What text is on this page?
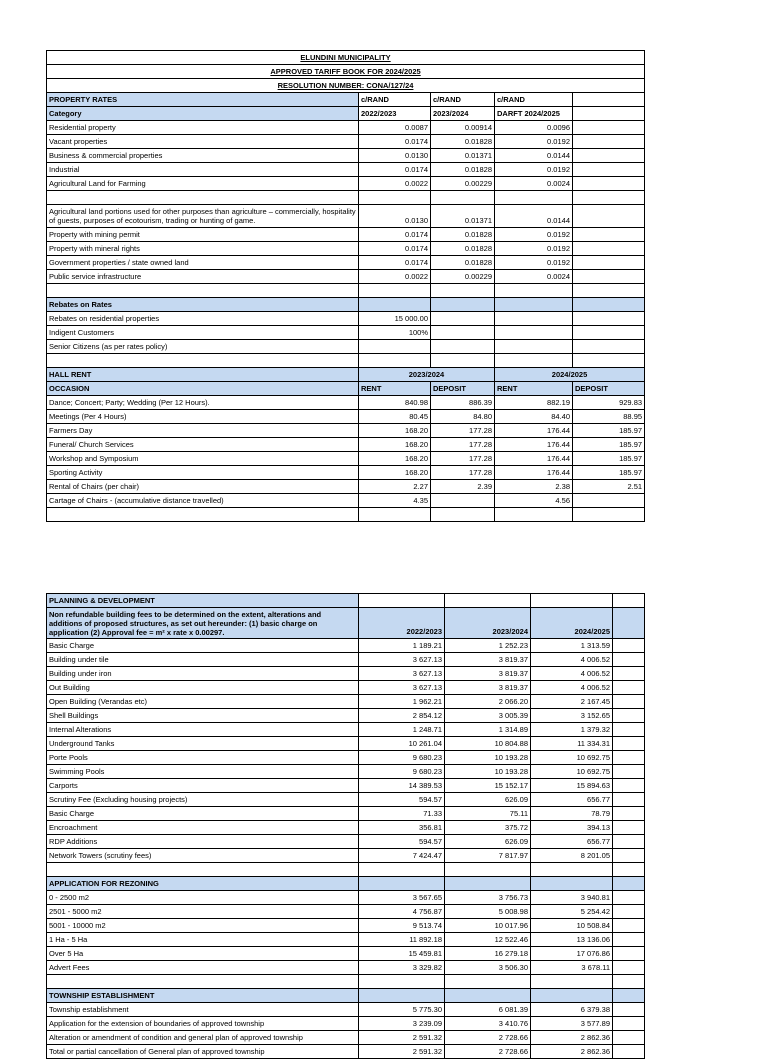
ELUNDINI MUNICIPALITY				
APPROVED TARIFF BOOK FOR 2024/2025				
RESOLUTION NUMBER: CONA/127/24				
PROPERTY RATES	c/RAND	c/RAND	c/RAND	
Category	2022/2023	2023/2024	DARFT 2024/2025	
Residential property	0.0087	0.00914	0.0096	
Vacant properties	0.0174	0.01828	0.0192	
Business & commercial properties	0.0130	0.01371	0.0144	
Industrial	0.0174	0.01828	0.0192	
Agricultural Land for Farming	0.0022	0.00229	0.0024	

Agricultural land portions used for other purposes than agriculture – commercially, hospitality of guests, purposes of ecotourism, trading or hunting of game.	0.0130	0.01371	0.0144	
Property with mining permit	0.0174	0.01828	0.0192	
Property with mineral rights	0.0174	0.01828	0.0192	
Government properties / state owned land	0.0174	0.01828	0.0192	
Public service infrastructure	0.0022	0.00229	0.0024	

Rebates on Rates				
Rebates on residential properties	15 000.00			
Indigent Customers	100%			
Senior Citizens (as per rates policy)				

HALL RENT	2023/2024		2024/2025	
OCCASION	RENT	DEPOSIT	RENT	DEPOSIT
Dance; Concert; Party; Wedding (Per 12 Hours).	840.98	886.39	882.19	929.83
Meetings (Per 4 Hours)	80.45	84.80	84.40	88.95
Farmers Day	168.20	177.28	176.44	185.97
Funeral/ Church Services	168.20	177.28	176.44	185.97
Workshop and Symposium	168.20	177.28	176.44	185.97
Sporting Activity	168.20	177.28	176.44	185.97
Rental of Chairs (per chair)	2.27	2.39	2.38	2.51
Cartage of Chairs - (accumulative distance travelled)	4.35		4.56	

PLANNING & DEVELOPMENT				
Non refundable building fees to be determined on the extent, alterations and additions of proposed structures, as set out hereunder: (1) basic charge on application (2) Approval fee = m² x rate x 0.00297.	2022/2023	2023/2024	2024/2025	
Basic Charge	1 189.21	1 252.23	1 313.59	
Building under tile	3 627.13	3 819.37	4 006.52	
Building under iron	3 627.13	3 819.37	4 006.52	
Out Building	3 627.13	3 819.37	4 006.52	
Open Building (Verandas etc)	1 962.21	2 066.20	2 167.45	
Shell Buildings	2 854.12	3 005.39	3 152.65	
Internal Alterations	1 248.71	1 314.89	1 379.32	
Underground Tanks	10 261.04	10 804.88	11 334.31	
Porte Pools	9 680.23	10 193.28	10 692.75	
Swimming Pools	9 680.23	10 193.28	10 692.75	
Carports	14 389.53	15 152.17	15 894.63	
Scrutiny Fee (Excluding housing projects)	594.57	626.09	656.77	
Basic Charge	71.33	75.11	78.79	
Encroachment	356.81	375.72	394.13	
RDP Additions	594.57	626.09	656.77	
Network Towers (scrutiny fees)	7 424.47	7 817.97	8 201.05	

APPLICATION FOR REZONING				
0 - 2500 m2	3 567.65	3 756.73	3 940.81	
2501 - 5000 m2	4 756.87	5 008.98	5 254.42	
5001 - 10000 m2	9 513.74	10 017.96	10 508.84	
1 Ha - 5 Ha	11 892.18	12 522.46	13 136.06	
Over 5 Ha	15 459.81	16 279.18	17 076.86	
Advert Fees	3 329.82	3 506.30	3 678.11	

TOWNSHIP ESTABLISHMENT				
Township establishment	5 775.30	6 081.39	6 379.38	
Application for the extension of boundaries of approved township	3 239.09	3 410.76	3 577.89	
Alteration or amendment of condition and general plan of approved township	2 591.32	2 728.66	2 862.36	
Total or partial cancellation of General plan of approved township	2 591.32	2 728.66	2 862.36	
